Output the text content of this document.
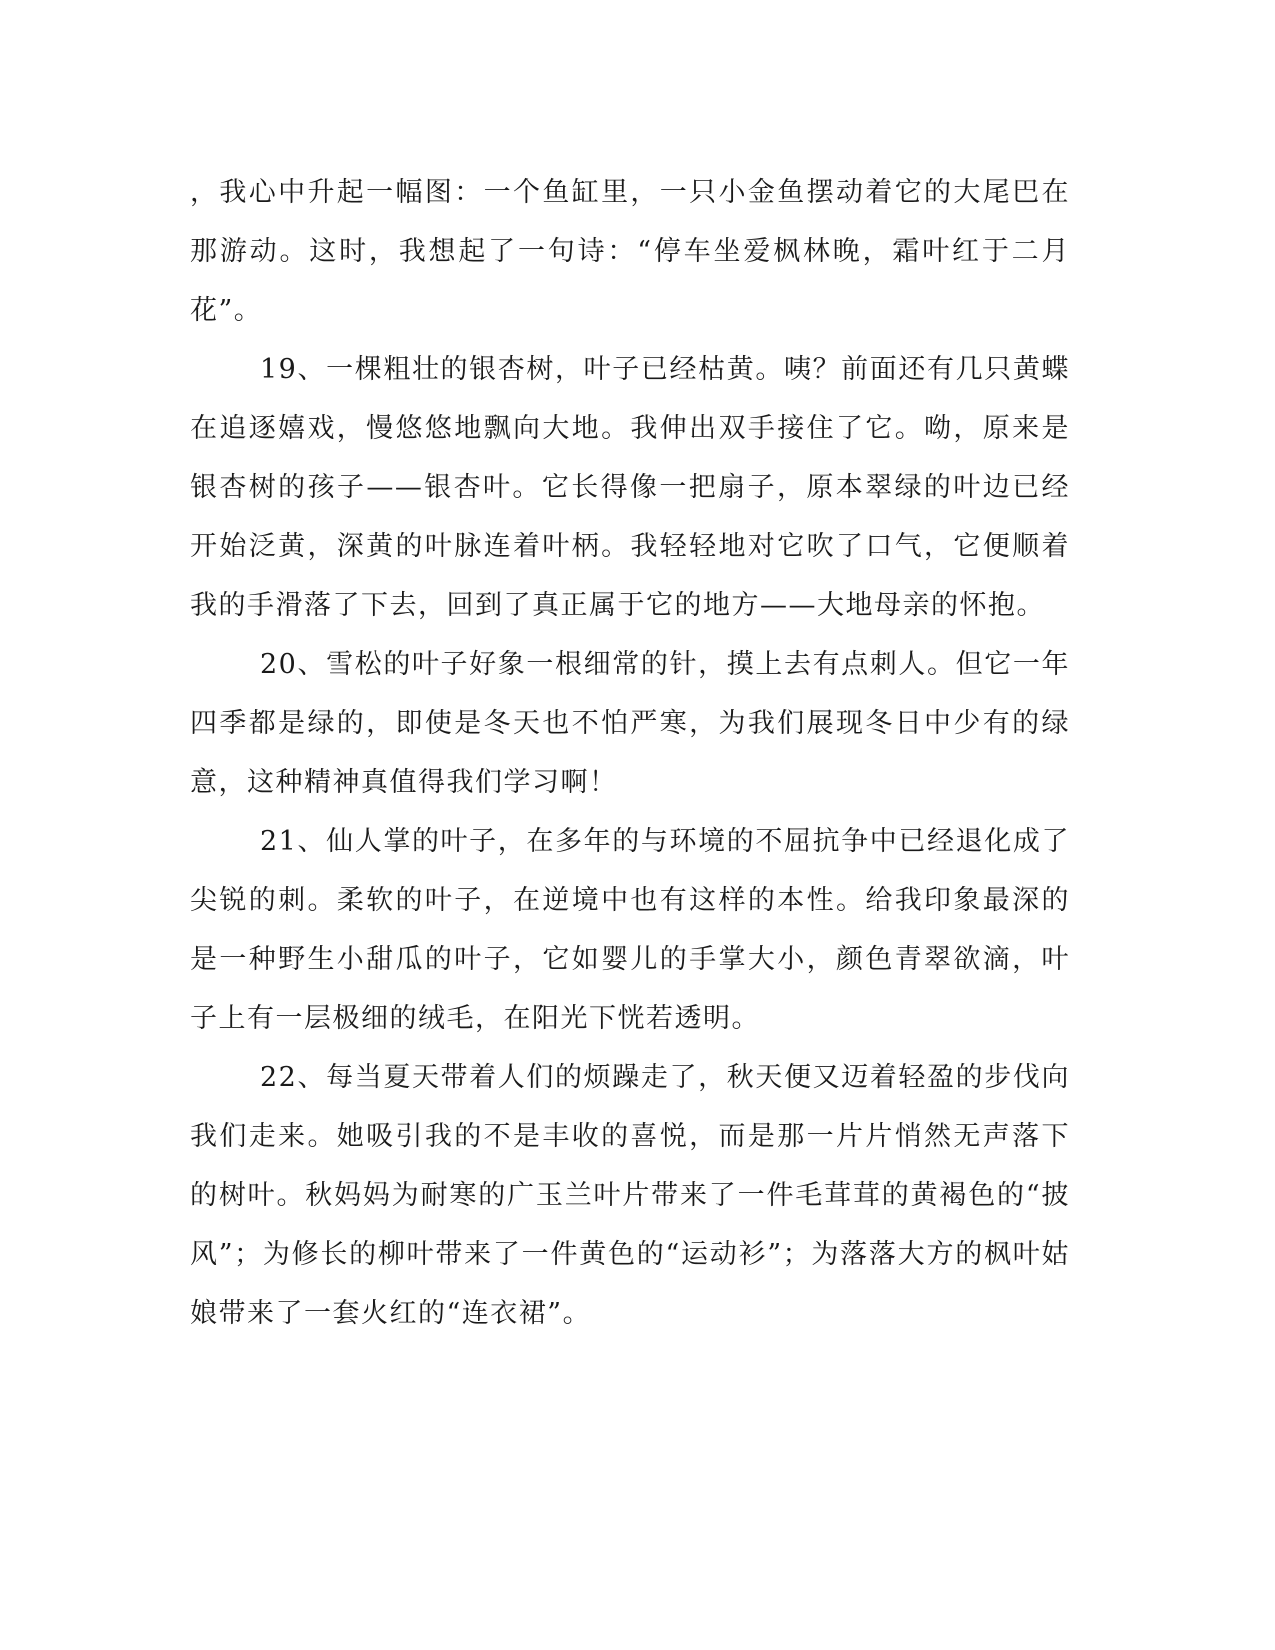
，我心中升起一幅图：一个鱼缸里，一只小金鱼摆动着它的大尾巴在那游动。这时，我想起了一句诗：“停车坐爱枫林晚，霜叶红于二月花”。

19、一棵粗壮的银杏树，叶子已经枯黄。咦？前面还有几只黄蝶在追逐嬉戏，慢悠悠地飘向大地。我伸出双手接住了它。呦，原来是银杏树的孩子——银杏叶。它长得像一把扇子，原本翠绿的叶边已经开始泛黄，深黄的叶脉连着叶柄。我轻轻地对它吹了口气，它便顺着我的手滑落了下去，回到了真正属于它的地方——大地母亲的怀抱。

20、雪松的叶子好象一根细常的针，摸上去有点刺人。但它一年四季都是绿的，即使是冬天也不怕严寒，为我们展现冬日中少有的绿意，这种精神真值得我们学习啊！

21、仙人掌的叶子，在多年的与环境的不屈抗争中已经退化成了尖锐的刺。柔软的叶子，在逆境中也有这样的本性。给我印象最深的是一种野生小甜瓜的叶子，它如婴儿的手掌大小，颜色青翠欲滴，叶子上有一层极细的绒毛，在阳光下恍若透明。

22、每当夏天带着人们的烦躁走了，秋天便又迈着轻盈的步伐向我们走来。她吸引我的不是丰收的喜悦，而是那一片片悄然无声落下的树叶。秋妈妈为耐寒的广玉兰叶片带来了一件毛茸茸的黄褐色的“披风”；为修长的柳叶带来了一件黄色的“运动衫”；为落落大方的枫叶姑娘带来了一套火红的“连衣裙”。
